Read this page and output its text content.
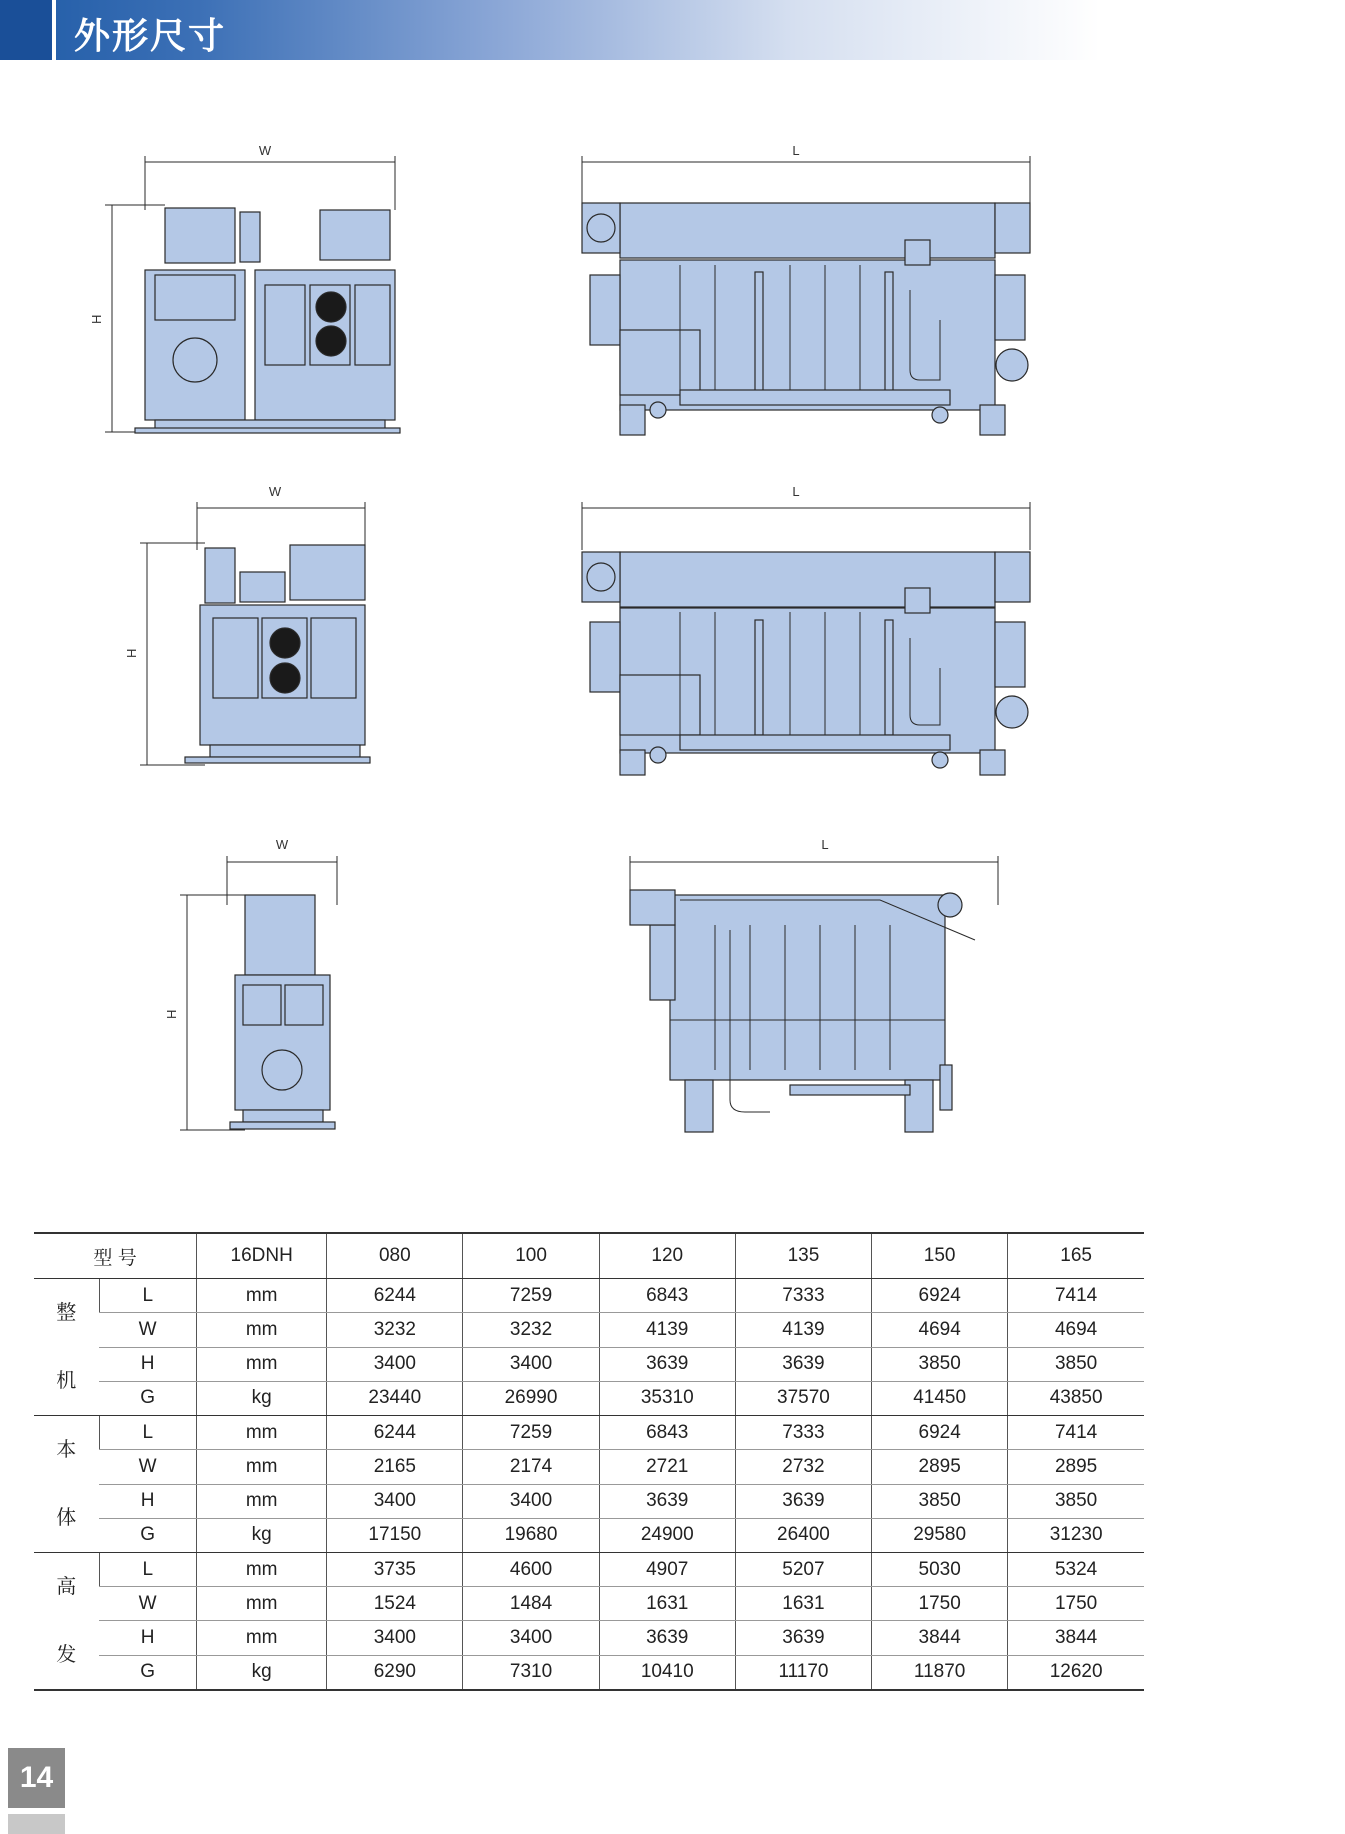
外形尺寸
W
H
L
W
H
L
W
H
L
型 号		16DNH	080	100	120	135	150	165

整
机	L	mm	6244	7259	6843	7333	6924	7414
	W	mm	3232	3232	4139	4139	4694	4694
	H	mm	3400	3400	3639	3639	3850	3850
	G	kg	23440	26990	35310	37570	41450	43850

本
体	L	mm	6244	7259	6843	7333	6924	7414
	W	mm	2165	2174	2721	2732	2895	2895
	H	mm	3400	3400	3639	3639	3850	3850
	G	kg	17150	19680	24900	26400	29580	31230

高
发	L	mm	3735	4600	4907	5207	5030	5324
	W	mm	1524	1484	1631	1631	1750	1750
	H	mm	3400	3400	3639	3639	3844	3844
	G	kg	6290	7310	10410	11170	11870	12620
14
